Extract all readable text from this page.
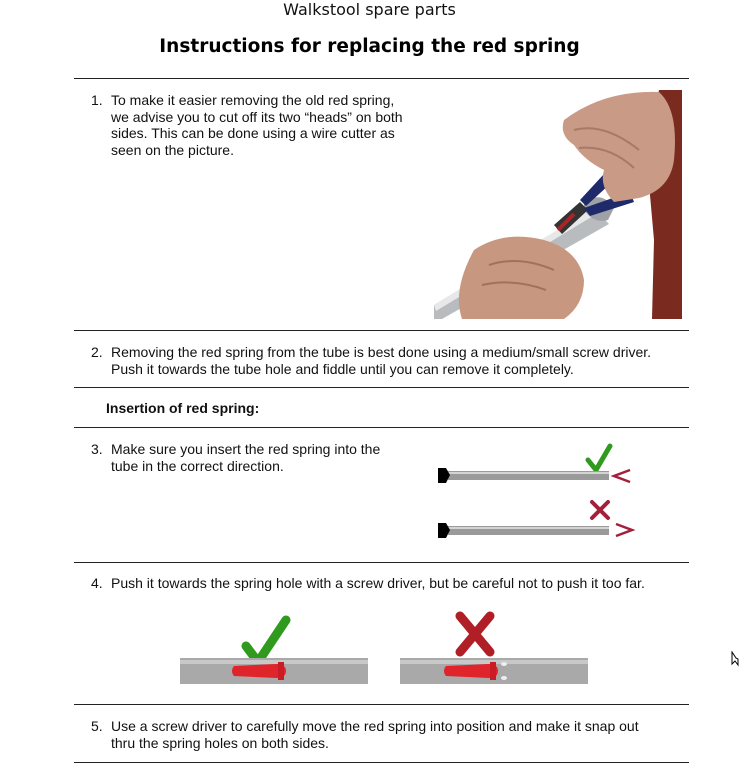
Walkstool spare parts
Instructions for replacing the red spring
1. To make it easier removing the old red spring,
we advise you to cut off its two “heads” on both
sides. This can be done using a wire cutter as
seen on the picture.
2. Removing the red spring from the tube is best done using a medium/small screw driver.
Push it towards the tube hole and fiddle until you can remove it completely.
Insertion of red spring:
3. Make sure you insert the red spring into the
tube in the correct direction.
4. Push it towards the spring hole with a screw driver, but be careful not to push it too far.
5. Use a screw driver to carefully move the red spring into position and make it snap out
thru the spring holes on both sides.
